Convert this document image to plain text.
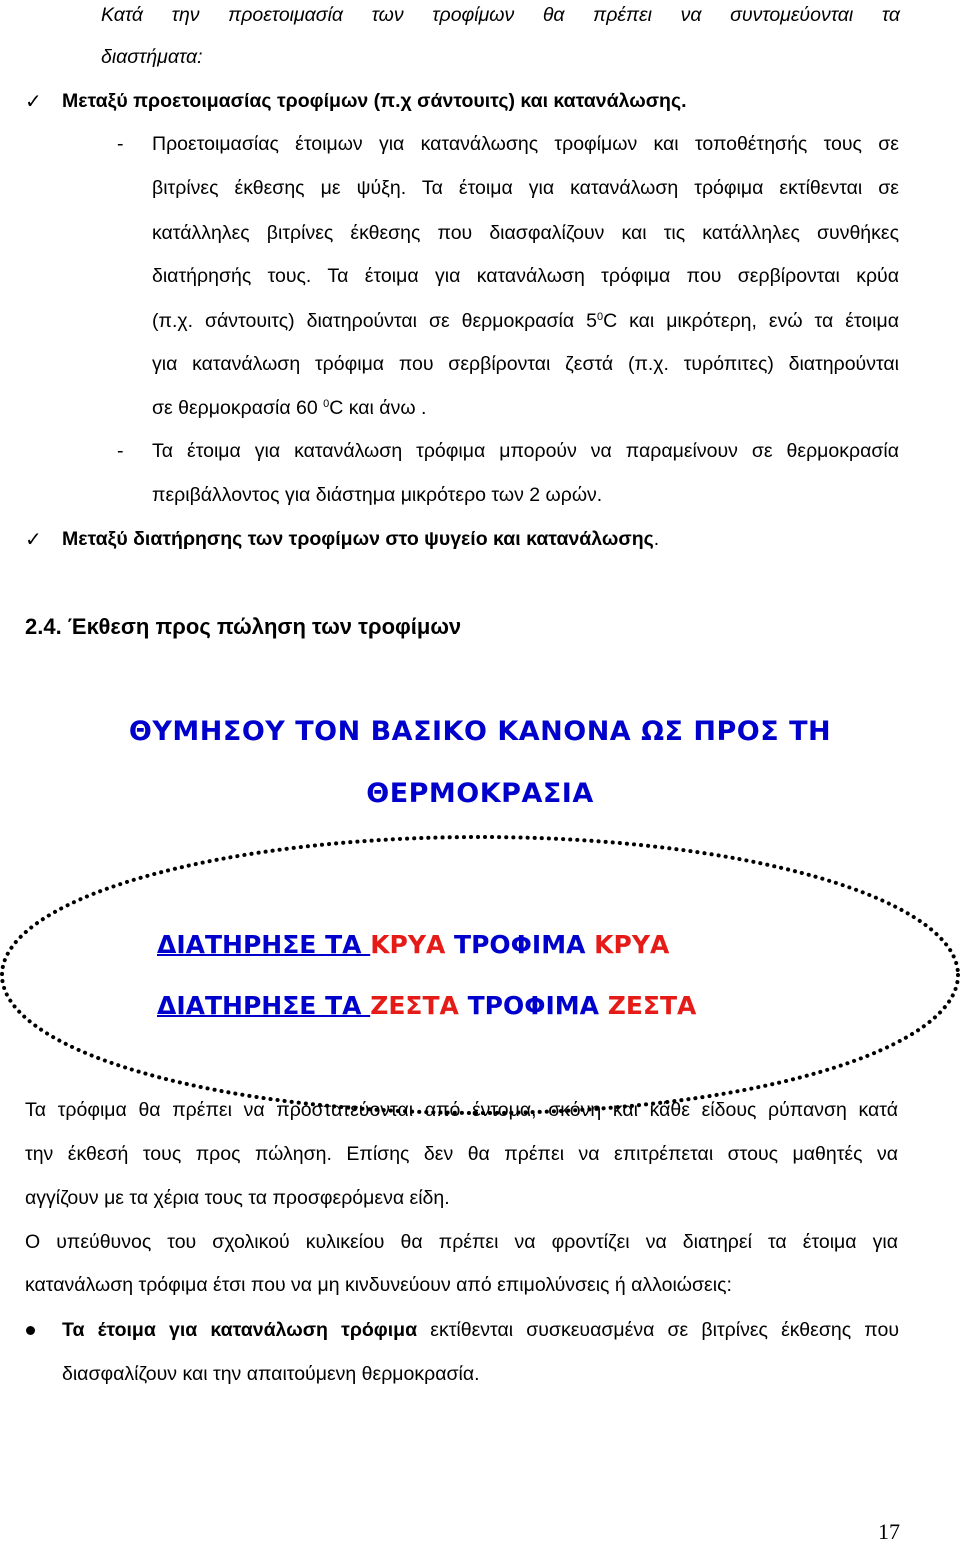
Κατά την προετοιμασία των τροφίμων θα πρέπει να συντομεύονται τα
διαστήματα:
✓ Μεταξύ προετοιμασίας τροφίμων (π.χ σάντουιτς) και κατανάλωσης.
- Προετοιμασίας έτοιμων για κατανάλωσης τροφίμων και τοποθέτησής τους σε
βιτρίνες έκθεσης με ψύξη. Τα έτοιμα για κατανάλωση τρόφιμα εκτίθενται σε
κατάλληλες βιτρίνες έκθεσης που διασφαλίζουν και τις κατάλληλες συνθήκες
διατήρησής τους. Τα έτοιμα για κατανάλωση τρόφιμα που σερβίρονται κρύα
(π.χ. σάντουιτς) διατηρούνται σε θερμοκρασία $5^0C$ και μικρότερη, ενώ τα έτοιμα
για κατανάλωση τρόφιμα που σερβίρονται ζεστά (π.χ. τυρόπιτες) διατηρούνται
σε θερμοκρασία 60 $^0$C και άνω .
- Τα έτοιμα για κατανάλωση τρόφιμα μπορούν να παραμείνουν σε θερμοκρασία
περιβάλλοντος για διάστημα μικρότερο των 2 ωρών.
✓ Μεταξύ διατήρησης των τροφίμων στο ψυγείο και κατανάλωσης.
2.4. Έκθεση προς πώληση των τροφίμων
ΘΥΜΗΣΟΥ ΤΟΝ ΒΑΣΙΚΟ ΚΑΝΟΝΑ ΩΣ ΠΡΟΣ ΤΗ
ΘΕΡΜΟΚΡΑΣΙΑ
ΔΙΑΤΗΡΗΣΕ ΤΑ ΚΡΥΑ ΤΡΟΦΙΜΑ ΚΡΥΑ
ΔΙΑΤΗΡΗΣΕ ΤΑ ΖΕΣΤΑ ΤΡΟΦΙΜΑ ΖΕΣΤΑ
Τα τρόφιμα θα πρέπει να προστατεύονται από έντομα, σκόνη και κάθε είδους ρύπανση κατά
την έκθεσή τους προς πώληση. Επίσης δεν θα πρέπει να επιτρέπεται στους μαθητές να
αγγίζουν με τα χέρια τους τα προσφερόμενα είδη.
Ο υπεύθυνος του σχολικού κυλικείου θα πρέπει να φροντίζει να διατηρεί τα έτοιμα για
κατανάλωση τρόφιμα έτσι που να μη κινδυνεύουν από επιμολύνσεις ή αλλοιώσεις:
Τα έτοιμα για κατανάλωση τρόφιμα εκτίθενται συσκευασμένα σε βιτρίνες έκθεσης που
διασφαλίζουν και την απαιτούμενη θερμοκρασία.
17
